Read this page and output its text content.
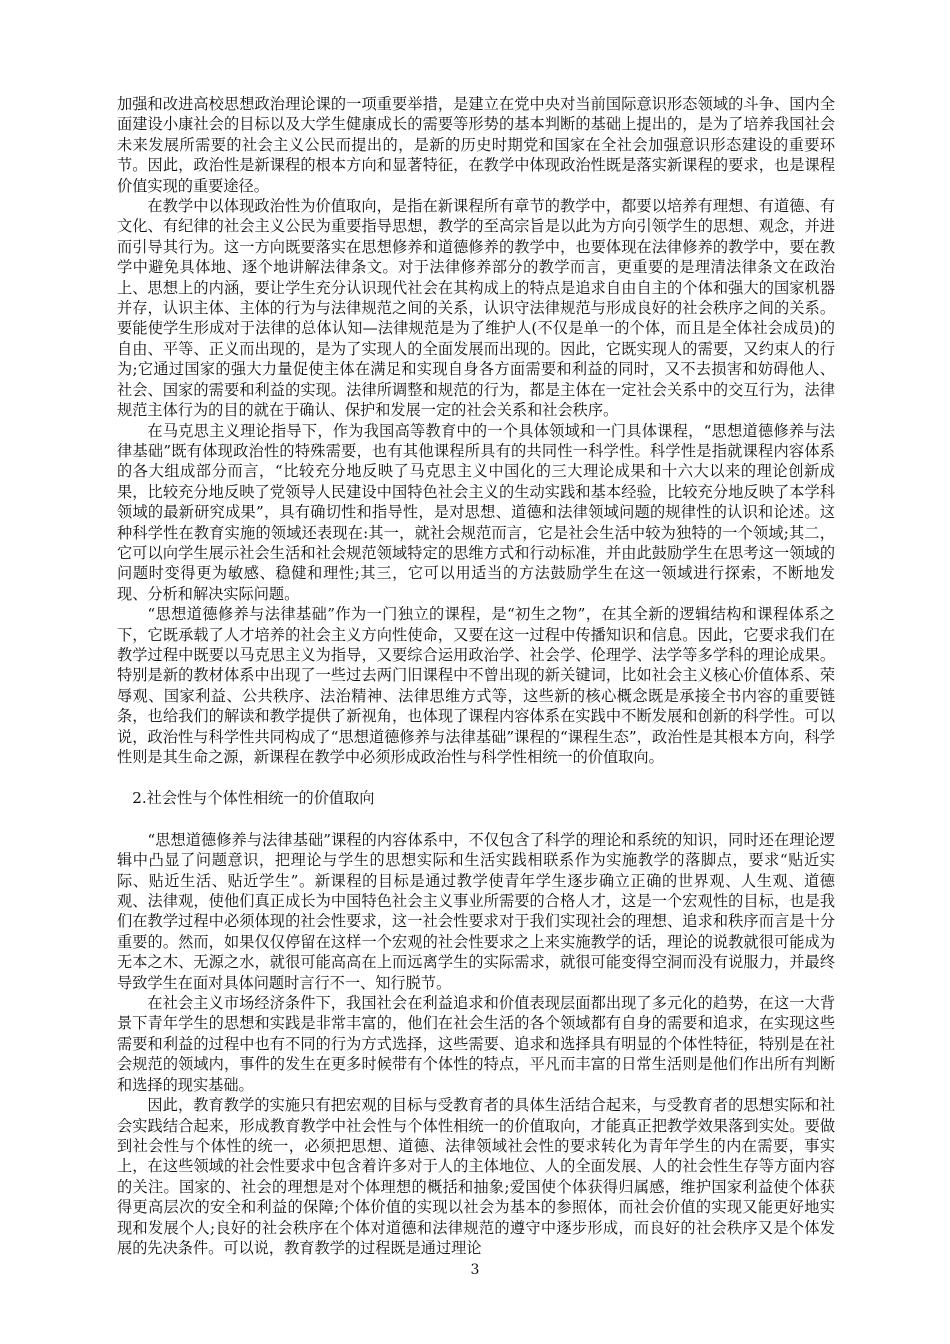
加强和改进高校思想政治理论课的一项重要举措，是建立在党中央对当前国际意识形态领域的斗争、国内全面建设小康社会的目标以及大学生健康成长的需要等形势的基本判断的基础上提出的，是为了培养我国社会未来发展所需要的社会主义公民而提出的，是新的历史时期党和国家在全社会加强意识形态建设的重要环节。因此，政治性是新课程的根本方向和显著特征，在教学中体现政治性既是落实新课程的要求，也是课程价值实现的重要途径。

在教学中以体现政治性为价值取向，是指在新课程所有章节的教学中，都要以培养有理想、有道德、有文化、有纪律的社会主义公民为重要指导思想，教学的至高宗旨是以此为方向引领学生的思想、观念，并进而引导其行为。这一方向既要落实在思想修养和道德修养的教学中，也要体现在法律修养的教学中，要在教学中避免具体地、逐个地讲解法律条文。对于法律修养部分的教学而言，更重要的是理清法律条文在政治上、思想上的内涵，要让学生充分认识现代社会在其构成上的特点是追求自由自主的个体和强大的国家机器并存，认识主体、主体的行为与法律规范之间的关系，认识守法律规范与形成良好的社会秩序之间的关系。要能使学生形成对于法律的总体认知—法律规范是为了维护人(不仅是单一的个体，而且是全体社会成员)的自由、平等、正义而出现的，是为了实现人的全面发展而出现的。因此，它既实现人的需要，又约束人的行为;它通过国家的强大力量促使主体在满足和实现自身各方面需要和利益的同时，又不去损害和妨碍他人、社会、国家的需要和利益的实现。法律所调整和规范的行为，都是主体在一定社会关系中的交互行为，法律规范主体行为的目的就在于确认、保护和发展一定的社会关系和社会秩序。

在马克思主义理论指导下，作为我国高等教育中的一个具体领域和一门具体课程，“思想道德修养与法律基础”既有体现政治性的特殊需要，也有其他课程所具有的共同性一科学性。科学性是指就课程内容体系的各大组成部分而言，“比较充分地反映了马克思主义中国化的三大理论成果和十六大以来的理论创新成果，比较充分地反映了党领导人民建设中国特色社会主义的生动实践和基本经验，比较充分地反映了本学科领域的最新研究成果”，具有确切性和指导性，是对思想、道德和法律领域问题的规律性的认识和论述。这种科学性在教育实施的领域还表现在:其一，就社会规范而言，它是社会生活中较为独特的一个领域;其二，它可以向学生展示社会生活和社会规范领域特定的思维方式和行动标准，并由此鼓励学生在思考这一领域的问题时变得更为敏感、稳健和理性;其三，它可以用适当的方法鼓励学生在这一领域进行探索，不断地发现、分析和解决实际问题。

“思想道德修养与法律基础”作为一门独立的课程，是“初生之物”，在其全新的逻辑结构和课程体系之下，它既承载了人才培养的社会主义方向性使命，又要在这一过程中传播知识和信息。因此，它要求我们在教学过程中既要以马克思主义为指导，又要综合运用政治学、社会学、伦理学、法学等多学科的理论成果。特别是新的教材体系中出现了一些过去两门旧课程中不曾出现的新关键词，比如社会主义核心价值体系、荣辱观、国家利益、公共秩序、法治精神、法律思维方式等，这些新的核心概念既是承接全书内容的重要链条，也给我们的解读和教学提供了新视角，也体现了课程内容体系在实践中不断发展和创新的科学性。可以说，政治性与科学性共同构成了“思想道德修养与法律基础”课程的“课程生态”，政治性是其根本方向，科学性则是其生命之源，新课程在教学中必须形成政治性与科学性相统一的价值取向。

2.社会性与个体性相统一的价值取向

“思想道德修养与法律基础”课程的内容体系中，不仅包含了科学的理论和系统的知识，同时还在理论逻辑中凸显了问题意识，把理论与学生的思想实际和生活实践相联系作为实施教学的落脚点，要求“贴近实际、贴近生活、贴近学生”。新课程的目标是通过教学使青年学生逐步确立正确的世界观、人生观、道德观、法律观，使他们真正成长为中国特色社会主义事业所需要的合格人才，这是一个宏观性的目标，也是我们在教学过程中必须体现的社会性要求，这一社会性要求对于我们实现社会的理想、追求和秩序而言是十分重要的。然而，如果仅仅停留在这样一个宏观的社会性要求之上来实施教学的话，理论的说教就很可能成为无本之木、无源之水，就很可能高高在上而远离学生的实际需求，就很可能变得空洞而没有说服力，并最终导致学生在面对具体问题时言行不一、知行脱节。

在社会主义市场经济条件下，我国社会在利益追求和价值表现层面都出现了多元化的趋势，在这一大背景下青年学生的思想和实践是非常丰富的，他们在社会生活的各个领域都有自身的需要和追求，在实现这些需要和利益的过程中也有不同的行为方式选择，这些需要、追求和选择具有明显的个体性特征，特别是在社会规范的领域内，事件的发生在更多时候带有个体性的特点，平凡而丰富的日常生活则是他们作出所有判断和选择的现实基础。

因此，教育教学的实施只有把宏观的目标与受教育者的具体生活结合起来，与受教育者的思想实际和社会实践结合起来，形成教育教学中社会性与个体性相统一的价值取向，才能真正把教学效果落到实处。要做到社会性与个体性的统一，必须把思想、道德、法律领域社会性的要求转化为青年学生的内在需要，事实上，在这些领域的社会性要求中包含着许多对于人的主体地位、人的全面发展、人的社会性生存等方面内容的关注。国家的、社会的理想是对个体理想的概括和抽象;爱国使个体获得归属感，维护国家利益使个体获得更高层次的安全和利益的保障;个体价值的实现以社会为基本的参照体，而社会价值的实现又能更好地实现和发展个人;良好的社会秩序在个体对道德和法律规范的遵守中逐步形成，而良好的社会秩序又是个体发展的先决条件。可以说，教育教学的过程既是通过理论

3
